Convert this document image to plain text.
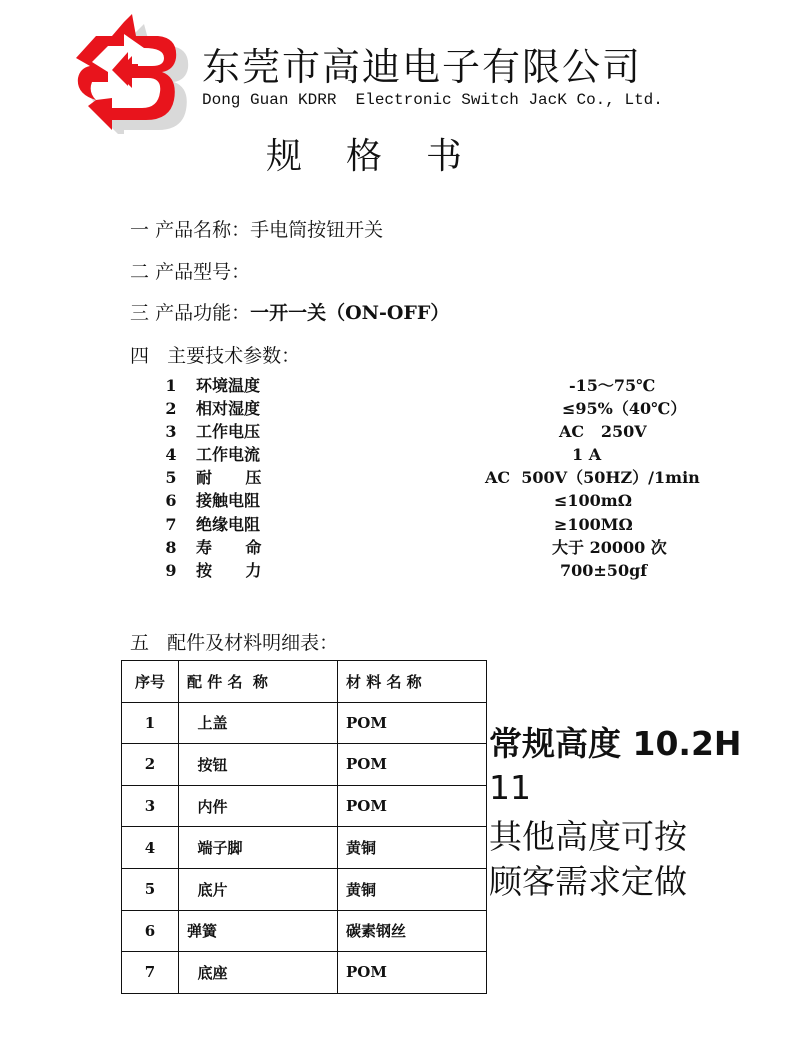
东莞市高迪电子有限公司
Dong Guan KDRR  Electronic Switch JacK Co., Ltd.
规 格 书
一 产品名称：手电筒按钮开关
二 产品型号：
三 产品功能：一开一关（ON-OFF）
四 主要技术参数：
1 环境温度	-15～75℃
2 相对湿度	≤95%（40℃）
3 工作电压	AC   250V
4 工作电流	1 A
5 耐      压	AC  500V（50HZ）/1min
6 接触电阻	≤100mΩ
7 绝缘电阻	≥100MΩ
8 寿      命	大于 20000 次
9 按      力	700±50gf
五 配件及材料明细表：
序号	配 件 名  称	材 料 名 称
1	上盖	POM
2	按钮	POM
3	内件	POM
4	端子脚	黄铜
5	底片	黄铜
6	弹簧	碳素钢丝
7	底座	POM
常规高度 10.2H
11
其他高度可按
顾客需求定做
